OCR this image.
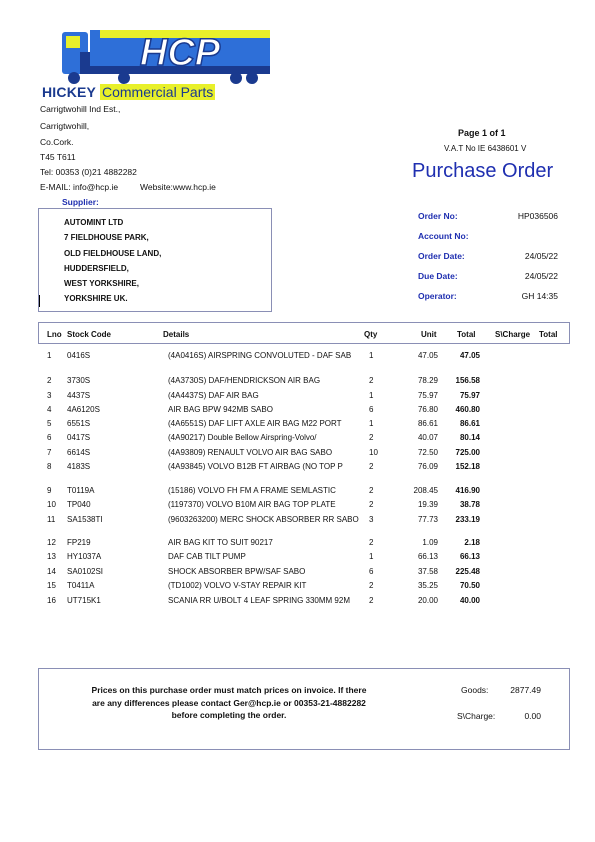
HCP
HICKEY Commercial Parts
Carrigtwohill Ind Est.,
Carrigtwohill,
Co.Cork.
T45 T611
Tel: 00353 (0)21 4882282
E-MAIL: info@hcp.ie	Website:www.hcp.ie
Page 1 of 1
V.A.T No IE 6438601 V
Purchase Order
Supplier:
AUTOMINT LTD
7 FIELDHOUSE PARK,
OLD FIELDHOUSE LAND,
HUDDERSFIELD,
WEST YORKSHIRE,
YORKSHIRE UK.
Order No:	HP036506
Account No:
Order Date:	24/05/22
Due Date:	24/05/22
Operator:	GH 14:35
Lno Stock Code	Details	Qty	Unit	Total S\Charge Total
1 0416S	(4A0416S) AIRSPRING CONVOLUTED - DAF SAB	1	47.05	47.05
2 3730S	(4A3730S) DAF/HENDRICKSON AIR BAG	2	78.29 156.58
3 4437S	(4A4437S) DAF AIR BAG	1	75.97	75.97
4 4A6120S	AIR BAG BPW 942MB SABO	6	76.80 460.80
5 6551S	(4A6551S) DAF LIFT AXLE AIR BAG M22 PORT	1	86.61	86.61
6 0417S	(4A90217) Double Bellow Airspring-Volvo/	2	40.07	80.14
7 6614S	(4A93809) RENAULT VOLVO AIR BAG SABO	10	72.50 725.00
8 4183S	(4A93845) VOLVO B12B FT AIRBAG (NO TOP P	2	76.09 152.18
9 T0119A	(15186) VOLVO FH FM A FRAME SEMLASTIC	2	208.45 416.90
10 TP040	(1197370) VOLVO B10M AIR BAG TOP PLATE	2	19.39	38.78
11 SA1538TI	(9603263200) MERC SHOCK ABSORBER RR SABO 3	77.73 233.19
12 FP219	AIR BAG KIT TO SUIT 90217	2	1.09	2.18
13 HY1037A	DAF CAB TILT PUMP	1	66.13	66.13
14 SA0102SI	SHOCK ABSORBER BPW/SAF SABO	6	37.58 225.48
15 T0411A	(TD1002) VOLVO V-STAY REPAIR KIT	2	35.25	70.50
16 UT715K1	SCANIA RR U/BOLT 4 LEAF SPRING 330MM 92M	2	20.00	40.00
Prices on this purchase order must match prices on invoice. If there are any differences please contact Ger@hcp.ie or 00353-21-4882282 before completing the order.
Goods:	2877.49
S\Charge:	0.00
